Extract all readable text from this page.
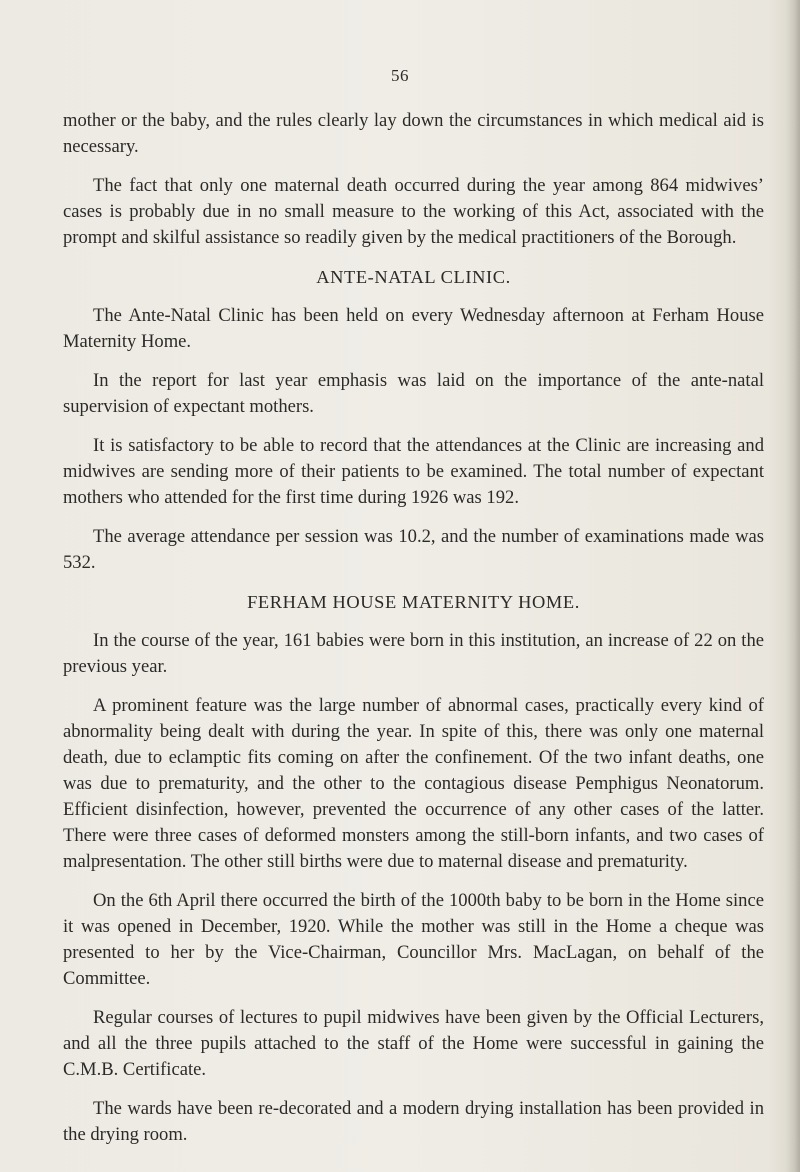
56

mother or the baby, and the rules clearly lay down the circumstances in which medical aid is necessary.

The fact that only one maternal death occurred during the year among 864 midwives’ cases is probably due in no small measure to the working of this Act, associated with the prompt and skilful assistance so readily given by the medical practitioners of the Borough.

ANTE-NATAL CLINIC.

The Ante-Natal Clinic has been held on every Wednesday afternoon at Ferham House Maternity Home.

In the report for last year emphasis was laid on the importance of the ante-natal supervision of expectant mothers.

It is satisfactory to be able to record that the attendances at the Clinic are increasing and midwives are sending more of their patients to be examined. The total number of expectant mothers who attended for the first time during 1926 was 192.

The average attendance per session was 10.2, and the number of examinations made was 532.

FERHAM HOUSE MATERNITY HOME.

In the course of the year, 161 babies were born in this institution, an increase of 22 on the previous year.

A prominent feature was the large number of abnormal cases, practically every kind of abnormality being dealt with during the year. In spite of this, there was only one maternal death, due to eclamptic fits coming on after the confinement. Of the two infant deaths, one was due to prematurity, and the other to the contagious disease Pemphigus Neonatorum. Efficient disinfection, however, prevented the occurrence of any other cases of the latter. There were three cases of deformed monsters among the still-born infants, and two cases of malpresentation. The other still births were due to maternal disease and prematurity.

On the 6th April there occurred the birth of the 1000th baby to be born in the Home since it was opened in December, 1920. While the mother was still in the Home a cheque was presented to her by the Vice-Chairman, Councillor Mrs. MacLagan, on behalf of the Committee.

Regular courses of lectures to pupil midwives have been given by the Official Lecturers, and all the three pupils attached to the staff of the Home were successful in gaining the C.M.B. Certificate.

The wards have been re-decorated and a modern drying installation has been provided in the drying room.
